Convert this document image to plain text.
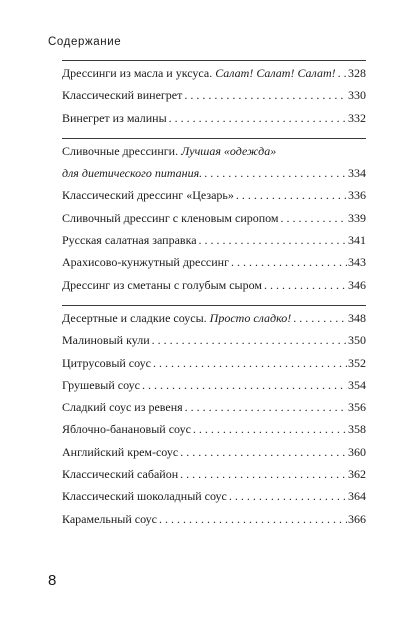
Содержание
Дрессинги из масла и уксуса. Салат! Салат! Салат! . . . 328
Классический винегрет . . .	330
Винегрет из малины . . .	332
Сливочные дрессинги. Лучшая «одежда»
для диетического питания. . . .	334
Классический дрессинг «Цезарь» . . .	336
Сливочный дрессинг с кленовым сиропом . . .	339
Русская салатная заправка . . .	341
Арахисово-кунжутный дрессинг . . .	343
Дрессинг из сметаны с голубым сыром . . .	346
Десертные и сладкие соусы. Просто сладко! . . .	348
Малиновый кули . . .	350
Цитрусовый соус . . .	352
Грушевый соус . . .	354
Сладкий соус из ревеня . . .	356
Яблочно-банановый соус . . .	358
Английский крем-соус . . .	360
Классический сабайон . . .	362
Классический шоколадный соус . . .	364
Карамельный соус . . .	366
8
